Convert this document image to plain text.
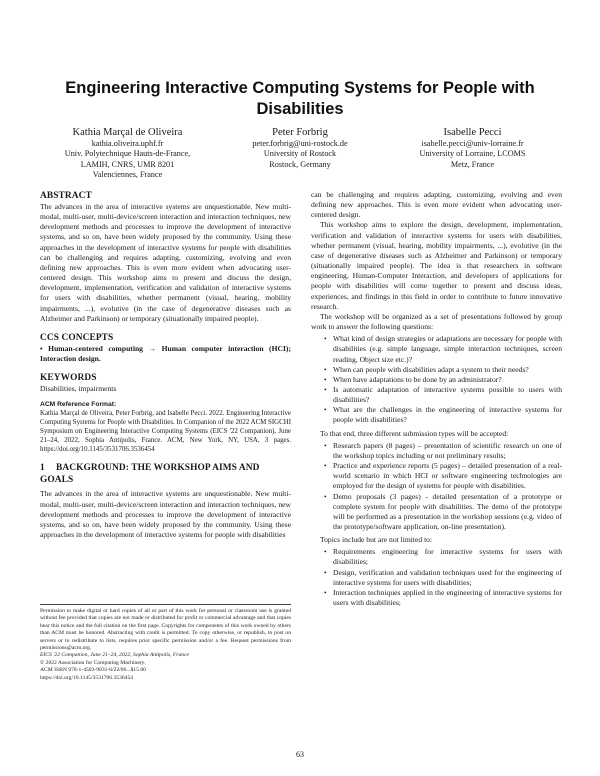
Engineering Interactive Computing Systems for People with Disabilities
Kathia Marçal de Oliveira
kathia.oliveira.uphf.fr
Univ. Polytechnique Hauts-de-France,
LAMIH, CNRS, UMR 8201
Valenciennes, France
Peter Forbrig
peter.forbrig@uni-rostock.de
University of Rostock
Rostock, Germany
Isabelle Pecci
isabelle.pecci@univ-lorraine.fr
University of Lorraine, LCOMS
Metz, France
ABSTRACT

The advances in the area of interactive systems are unquestionable. New multi-modal, multi-user, multi-device/screen interaction and interaction techniques, new development methods and processes to improve the development of interactive systems, and so on, have been widely proposed by the community. Using these approaches in the development of interactive systems for people with disabilities can be challenging and requires adapting, customizing, evolving and even defining new approaches. This is even more evident when advocating user-centered design. This workshop aims to present and discuss the design, development, implementation, verification and validation of interactive systems for users with disabilities, whether permanent (visual, hearing, mobility impairments, ...), evolutive (in the case of degenerative diseases such as Alzheimer and Parkinson) or temporary (situationally impaired people).

CCS CONCEPTS

• Human-centered computing → Human computer interaction (HCI); Interaction design.

KEYWORDS

Disabilities, impairments

ACM Reference Format:

Kathia Marçal de Oliveira, Peter Forbrig, and Isabelle Pecci. 2022. Engineering Interactive Computing Systems for People with Disabilities. In Companion of the 2022 ACM SIGCHI Symposium on Engineering Interactive Computing Systems (EICS '22 Companion), June 21–24, 2022, Sophia Antipolis, France. ACM, New York, NY, USA, 3 pages. https://doi.org/10.1145/3531706.3536454

1 BACKGROUND: THE WORKSHOP AIMS AND GOALS

The advances in the area of interactive systems are unquestionable. New multi-modal, multi-user, multi-device/screen interaction and interaction techniques, new development methods and processes to improve the development of interactive systems, and so on, have been widely proposed by the community. Using these approaches in the development of interactive systems for people with disabilities

Permission to make digital or hard copies of all or part of this work for personal or classroom use is granted without fee provided that copies are not made or distributed for profit or commercial advantage and that copies bear this notice and the full citation on the first page. Copyrights for components of this work owned by others than ACM must be honored. Abstracting with credit is permitted. To copy otherwise, or republish, to post on servers or to redistribute to lists, requires prior specific permission and/or a fee. Request permissions from permissions@acm.org.

EICS '22 Companion, June 21–24, 2022, Sophia Antipolis, France

© 2022 Association for Computing Machinery.

ACM ISBN 978-1-4503-9031-6/22/06...$15.00

https://doi.org/10.1145/3531706.3536454

can be challenging and requires adapting, customizing, evolving and even defining new approaches. This is even more evident when advocating user-centered design.

This workshop aims to explore the design, development, implementation, verification and validation of interactive systems for users with disabilities, whether permanent (visual, hearing, mobility impairments, ...), evolutive (in the case of degenerative diseases such as Alzheimer and Parkinson) or temporary (situationally impaired people). The idea is that researchers in software engineering, Human-Computer Interaction, and developers of applications for people with disabilities will come together to present and discuss ideas, experiences, and findings in this field in order to contribute to future innovative research.

The workshop will be organized as a set of presentations followed by group work to answer the following questions:

• What kind of design strategies or adaptations are necessary for people with disabilities (e.g. simple language, simple interaction techniques, screen reading, Object size etc.)?
• When can people with disabilities adapt a system to their needs?
• When have adaptations to be done by an administrator?
• Is automatic adaptation of interactive systems possible to users with disabilities?
• What are the challenges in the engineering of interactive systems for people with disabilities?

To that end, three different submission types will be accepted:

• Research papers (8 pages) – presentation of scientific research on one of the workshop topics including or not preliminary results;
• Practice and experience reports (5 pages) – detailed presentation of a real-world scenario in which HCI or software engineering technologies are employed for the design of systems for people with disabilities.
• Demo proposals (3 pages) - detailed presentation of a prototype or complete system for people with disabilities. The demo of the prototype will be performed as a presentation in the workshop sessions (e.g. video of the prototype/software application, on-line presentation).

Topics include but are not limited to:

• Requirements engineering for interactive systems for users with disabilities;
• Design, verification and validation techniques used for the engineering of interactive systems for users with disabilities;
• Interaction techniques applied in the engineering of interactive systems for users with disabilities;
63
